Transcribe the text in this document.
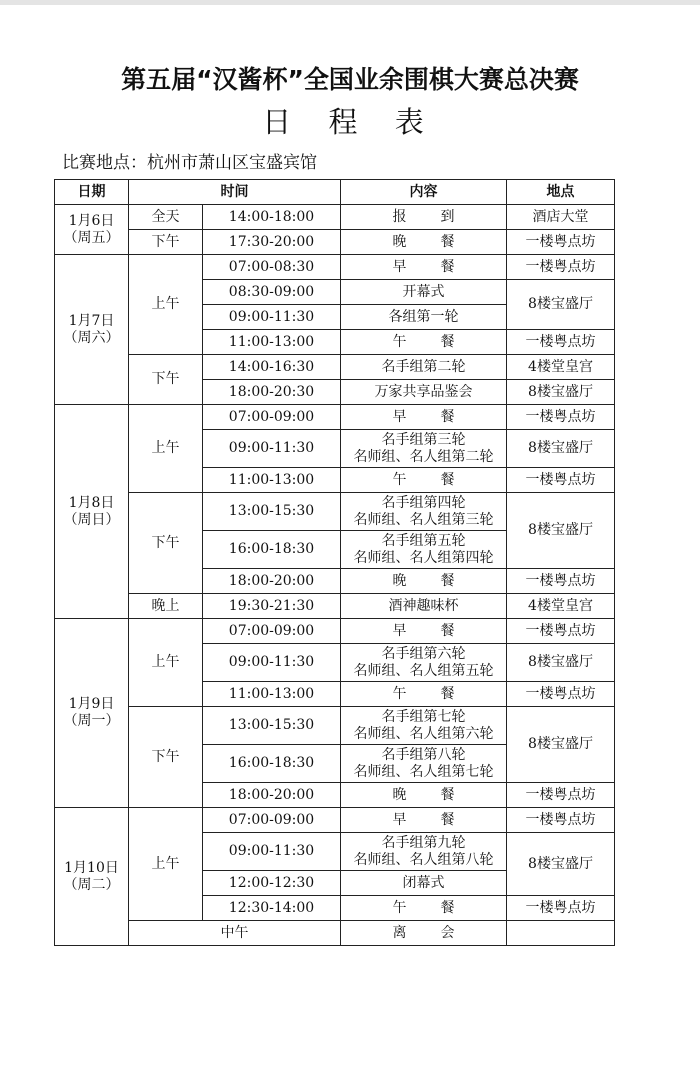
第五届“汉酱杯”全国业余围棋大赛总决赛
日 程 表

比赛地点：杭州市萧山区宝盛宾馆

日期	时间		内容	地点

1月6日
（周五）	全天	14:00-18:00	报　到	酒店大堂
	下午	17:30-20:00	晚　餐	一楼粤点坊

1月7日
（周六）	上午	07:00-08:30	早　餐	一楼粤点坊
		08:30-09:00	开幕式	8楼宝盛厅
		09:00-11:30	各组第一轮	
		11:00-13:00	午　餐	一楼粤点坊
	下午	14:00-16:30	名手组第二轮	4楼堂皇宫
		18:00-20:30	万家共享品鉴会	8楼宝盛厅

1月8日
（周日）	上午	07:00-09:00	早　餐	一楼粤点坊
		09:00-11:30	名手组第三轮
名师组、名人组第二轮	8楼宝盛厅
		11:00-13:00	午　餐	一楼粤点坊
	下午	13:00-15:30	名手组第四轮
名师组、名人组第三轮	8楼宝盛厅
		16:00-18:30	名手组第五轮
名师组、名人组第四轮	

		18:00-20:00	晚　餐	一楼粤点坊
	晚上	19:30-21:30	酒神趣味杯	4楼堂皇宫

1月9日
（周一）	上午	07:00-09:00	早　餐	一楼粤点坊
		09:00-11:30	名手组第六轮
名师组、名人组第五轮	8楼宝盛厅
		11:00-13:00	午　餐	一楼粤点坊
	下午	13:00-15:30	名手组第七轮
名师组、名人组第六轮	8楼宝盛厅
		16:00-18:30	名手组第八轮
名师组、名人组第七轮	

		18:00-20:00	晚　餐	一楼粤点坊

1月10日
（周二）	上午	07:00-09:00	早　餐	一楼粤点坊
		09:00-11:30	名手组第九轮
名师组、名人组第八轮	8楼宝盛厅
		12:00-12:30	闭幕式	
		12:30-14:00	午　餐	一楼粤点坊
	中午		离　会	
